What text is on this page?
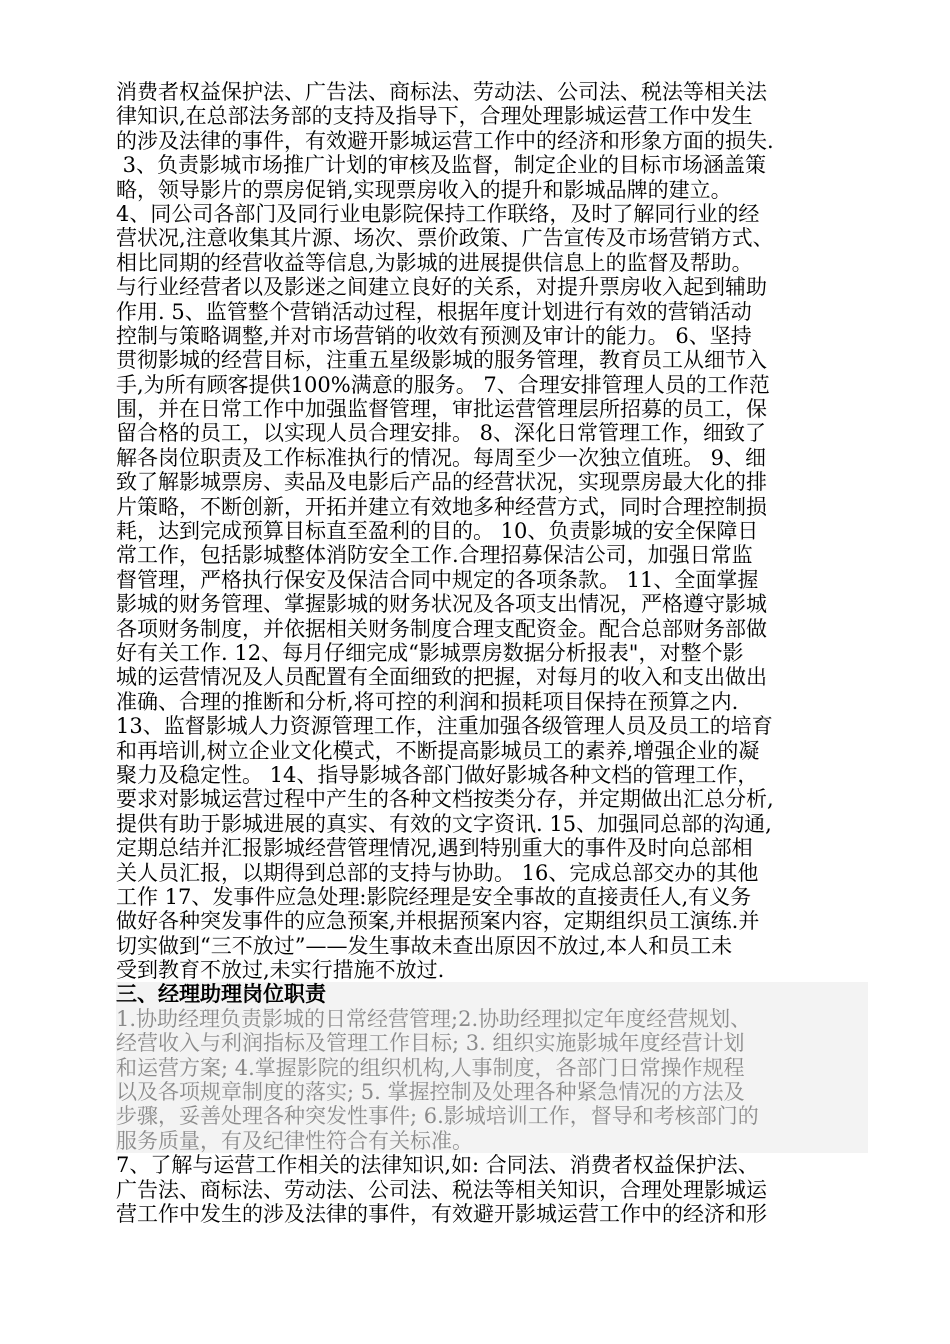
消费者权益保护法、广告法、商标法、劳动法、公司法、税法等相关法
律知识,在总部法务部的支持及指导下，合理处理影城运营工作中发生
的涉及法律的事件，有效避开影城运营工作中的经济和形象方面的损失.
3、负责影城市场推广计划的审核及监督，制定企业的目标市场涵盖策
略，领导影片的票房促销,实现票房收入的提升和影城品牌的建立。
4、同公司各部门及同行业电影院保持工作联络，及时了解同行业的经
营状况,注意收集其片源、场次、票价政策、广告宣传及市场营销方式、
相比同期的经营收益等信息,为影城的进展提供信息上的监督及帮助。
与行业经营者以及影迷之间建立良好的关系，对提升票房收入起到辅助
作用. 5、监管整个营销活动过程，根据年度计划进行有效的营销活动
控制与策略调整,并对市场营销的收效有预测及审计的能力。 6、坚持
贯彻影城的经营目标，注重五星级影城的服务管理，教育员工从细节入
手,为所有顾客提供100%满意的服务。 7、合理安排管理人员的工作范
围，并在日常工作中加强监督管理，审批运营管理层所招募的员工，保
留合格的员工，以实现人员合理安排。 8、深化日常管理工作，细致了
解各岗位职责及工作标准执行的情况。每周至少一次独立值班。 9、细
致了解影城票房、卖品及电影后产品的经营状况，实现票房最大化的排
片策略，不断创新，开拓并建立有效地多种经营方式，同时合理控制损
耗，达到完成预算目标直至盈利的目的。 10、负责影城的安全保障日
常工作，包括影城整体消防安全工作.合理招募保洁公司，加强日常监
督管理，严格执行保安及保洁合同中规定的各项条款。 11、全面掌握
影城的财务管理、掌握影城的财务状况及各项支出情况，严格遵守影城
各项财务制度，并依据相关财务制度合理支配资金。配合总部财务部做
好有关工作. 12、每月仔细完成“影城票房数据分析报表"，对整个影
城的运营情况及人员配置有全面细致的把握，对每月的收入和支出做出
准确、合理的推断和分析,将可控的利润和损耗项目保持在预算之内.
13、监督影城人力资源管理工作，注重加强各级管理人员及员工的培育
和再培训,树立企业文化模式，不断提高影城员工的素养,增强企业的凝
聚力及稳定性。 14、指导影城各部门做好影城各种文档的管理工作，
要求对影城运营过程中产生的各种文档按类分存，并定期做出汇总分析,
提供有助于影城进展的真实、有效的文字资讯. 15、加强同总部的沟通,
定期总结并汇报影城经营管理情况,遇到特别重大的事件及时向总部相
关人员汇报，以期得到总部的支持与协助。 16、完成总部交办的其他
工作 17、发事件应急处理:影院经理是安全事故的直接责任人,有义务
做好各种突发事件的应急预案,并根据预案内容，定期组织员工演练.并
切实做到“三不放过”——发生事故未查出原因不放过,本人和员工未
受到教育不放过,未实行措施不放过.
三、经理助理岗位职责
1.协助经理负责影城的日常经营管理;2.协助经理拟定年度经营规划、
经营收入与利润指标及管理工作目标; 3. 组织实施影城年度经营计划
和运营方案; 4.掌握影院的组织机构,人事制度，各部门日常操作规程
以及各项规章制度的落实; 5. 掌握控制及处理各种紧急情况的方法及
步骤，妥善处理各种突发性事件; 6.影城培训工作，督导和考核部门的
服务质量，有及纪律性符合有关标准。
7、了解与运营工作相关的法律知识,如: 合同法、消费者权益保护法、
广告法、商标法、劳动法、公司法、税法等相关知识，合理处理影城运
营工作中发生的涉及法律的事件，有效避开影城运营工作中的经济和形
